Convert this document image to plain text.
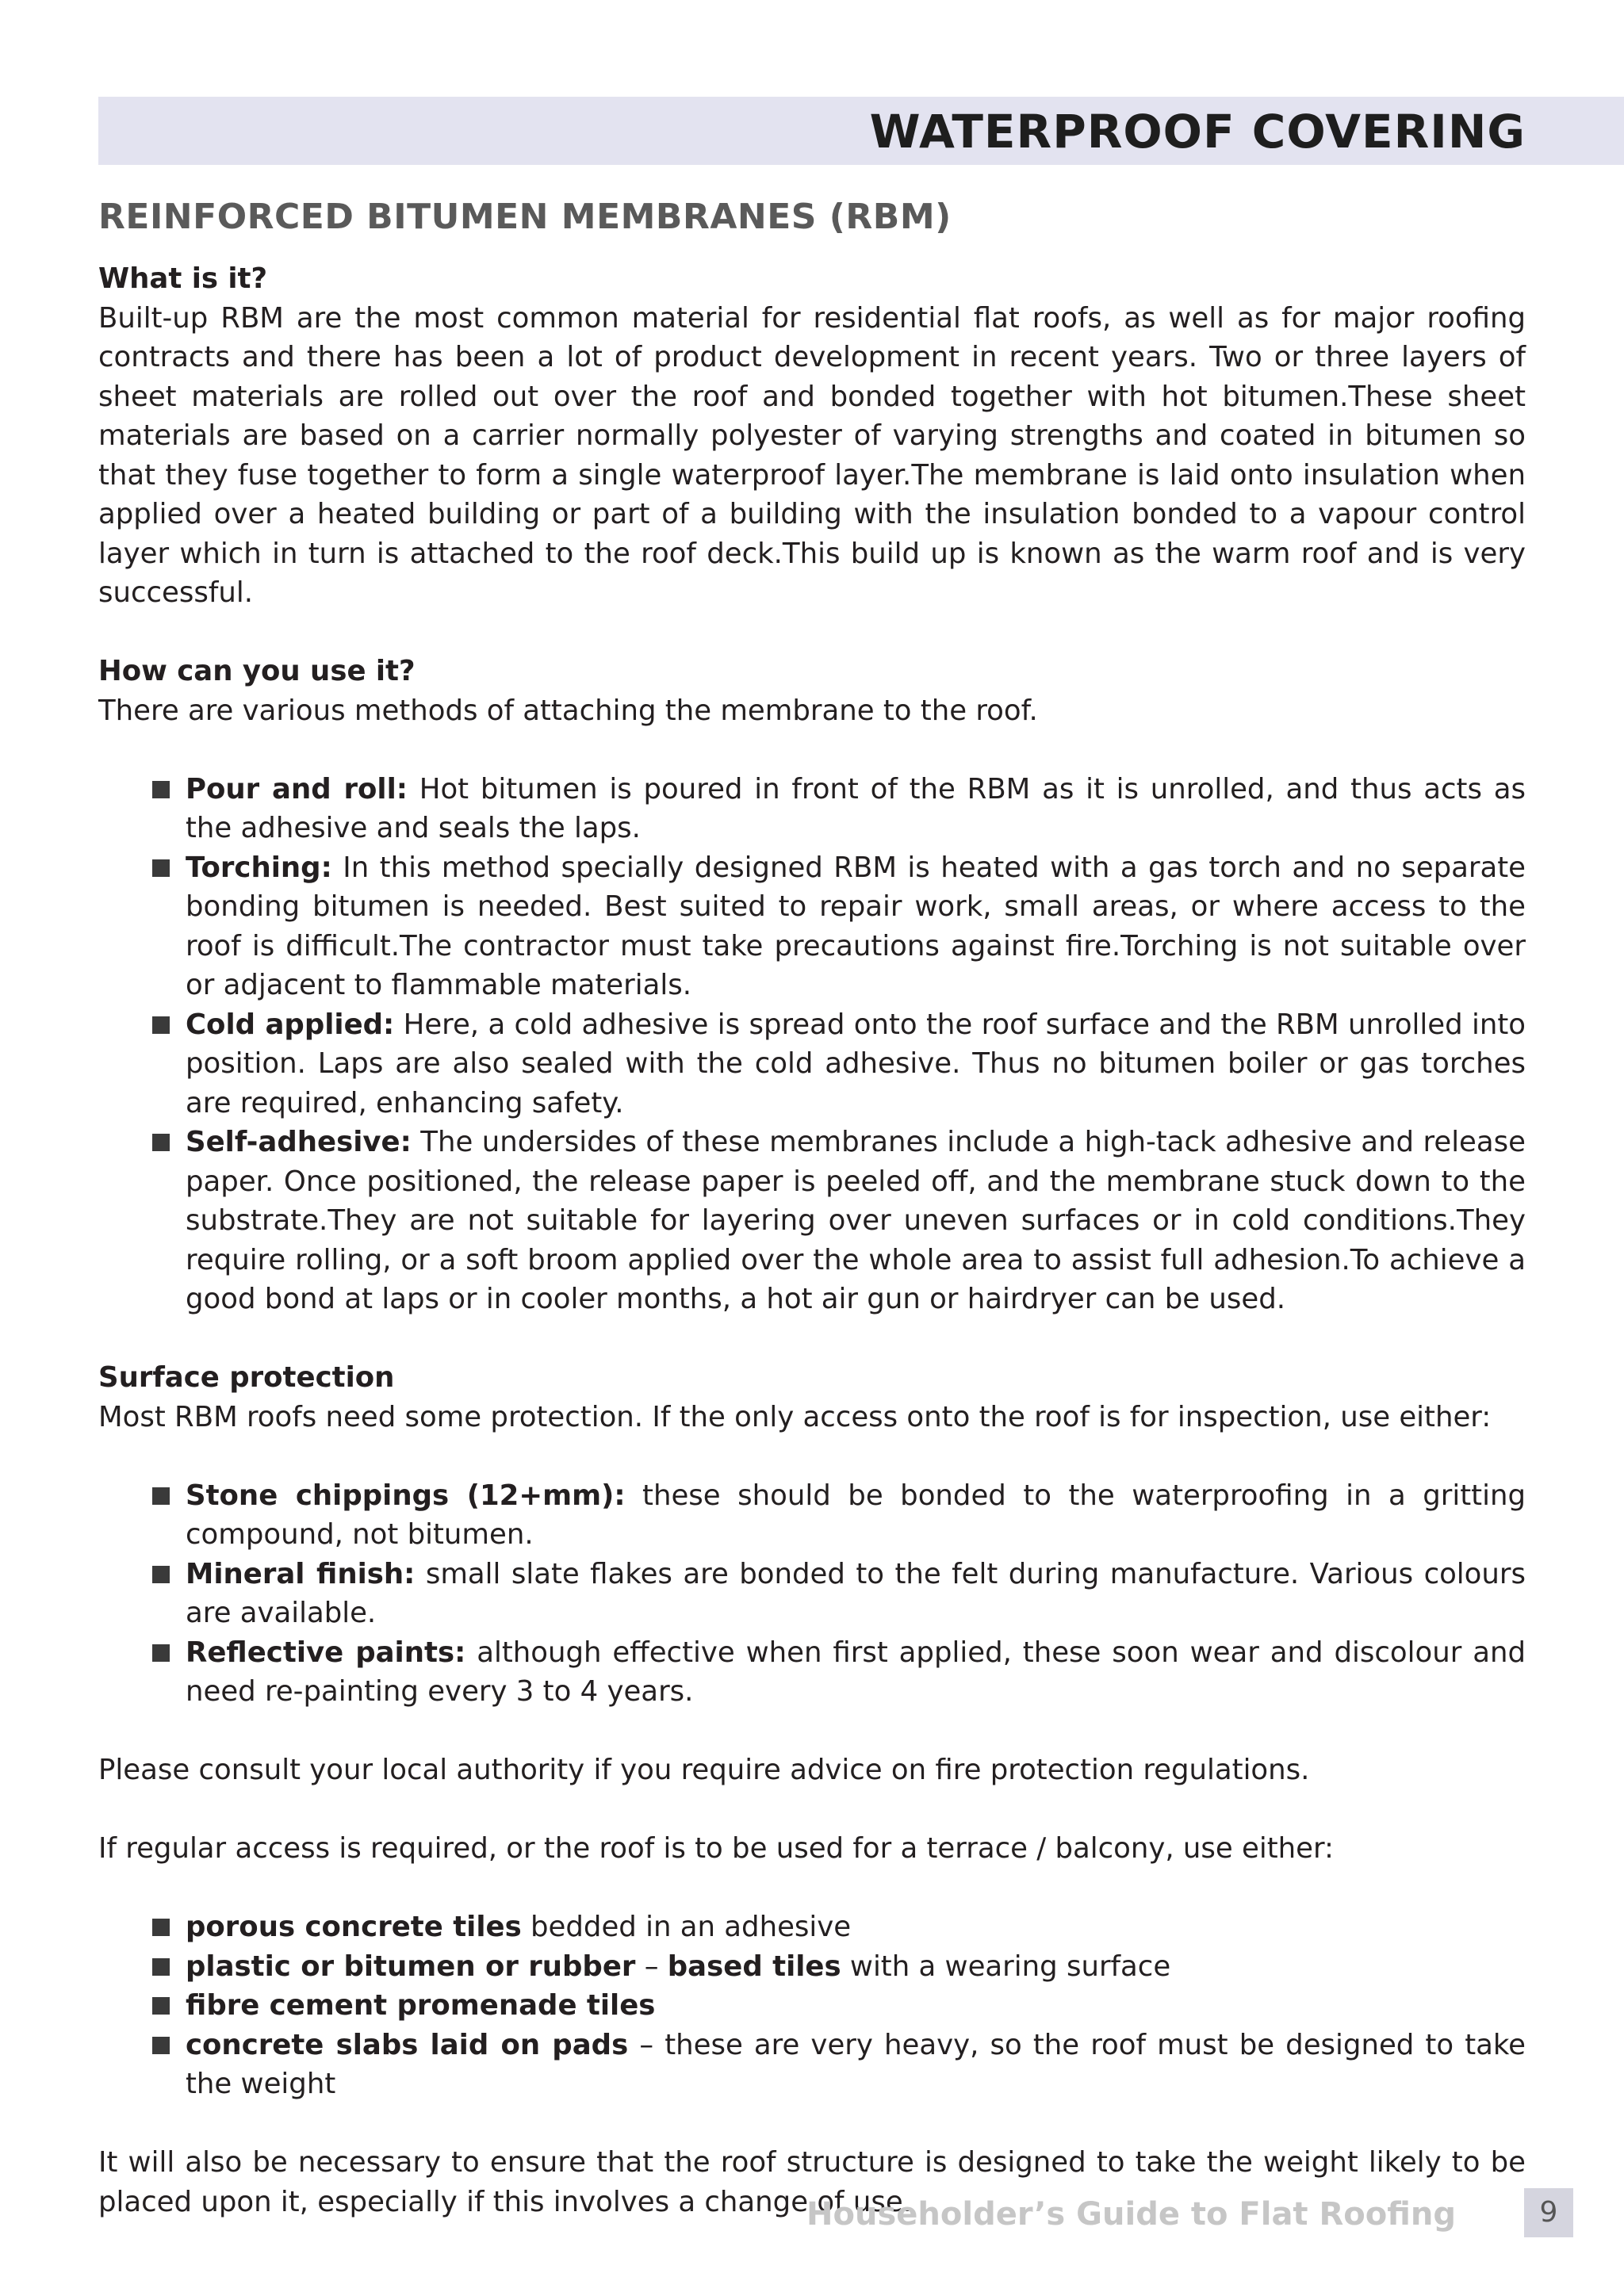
WATERPROOF COVERING
REINFORCED BITUMEN MEMBRANES (RBM)

What is it?
Built-up RBM are the most common material for residential flat roofs, as well as for major roofing contracts and there has been a lot of product development in recent years. Two or three layers of sheet materials are rolled out over the roof and bonded together with hot bitumen.These sheet materials are based on a carrier normally polyester of varying strengths and coated in bitumen so that they fuse together to form a single waterproof layer.The membrane is laid onto insulation when applied over a heated building or part of a building with the insulation bonded to a vapour control layer which in turn is attached to the roof deck.This build up is known as the warm roof and is very successful.

How can you use it?
There are various methods of attaching the membrane to the roof.

Pour and roll: Hot bitumen is poured in front of the RBM as it is unrolled, and thus acts as the adhesive and seals the laps.
Torching: In this method specially designed RBM is heated with a gas torch and no separate bonding bitumen is needed. Best suited to repair work, small areas, or where access to the roof is difficult.The contractor must take precautions against fire.Torching is not suitable over or adjacent to flammable materials.
Cold applied: Here, a cold adhesive is spread onto the roof surface and the RBM unrolled into position. Laps are also sealed with the cold adhesive. Thus no bitumen boiler or gas torches are required, enhancing safety.
Self-adhesive: The undersides of these membranes include a high-tack adhesive and release paper. Once positioned, the release paper is peeled off, and the membrane stuck down to the substrate.They are not suitable for layering over uneven surfaces or in cold conditions.They require rolling, or a soft broom applied over the whole area to assist full adhesion.To achieve a good bond at laps or in cooler months, a hot air gun or hairdryer can be used.

Surface protection
Most RBM roofs need some protection. If the only access onto the roof is for inspection, use either:

Stone chippings (12+mm): these should be bonded to the waterproofing in a gritting compound, not bitumen.
Mineral finish: small slate flakes are bonded to the felt during manufacture. Various colours are available.
Reflective paints: although effective when first applied, these soon wear and discolour and need re-painting every 3 to 4 years.

Please consult your local authority if you require advice on fire protection regulations.

If regular access is required, or the roof is to be used for a terrace / balcony, use either:

porous concrete tiles bedded in an adhesive
plastic or bitumen or rubber – based tiles with a wearing surface
fibre cement promenade tiles
concrete slabs laid on pads – these are very heavy, so the roof must be designed to take the weight

It will also be necessary to ensure that the roof structure is designed to take the weight likely to be placed upon it, especially if this involves a change of use.

Householder’s Guide to Flat Roofing	9
